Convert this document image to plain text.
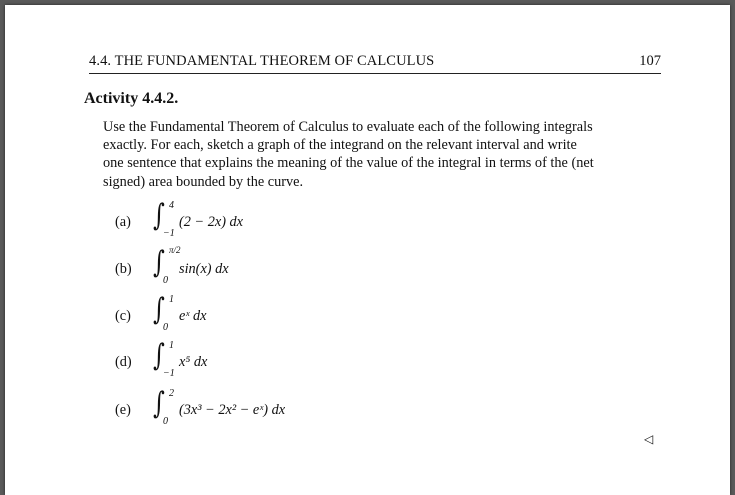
4.4. THE FUNDAMENTAL THEOREM OF CALCULUS	107
Activity 4.4.2.
Use the Fundamental Theorem of Calculus to evaluate each of the following integrals
exactly. For each, sketch a graph of the integrand on the relevant interval and write
one sentence that explains the meaning of the value of the integral in terms of the (net
signed) area bounded by the curve.
(a) ∫ 4
−1
(2 − 2x) dx
(b) ∫ π/2
0
sin(x) dx
(c) ∫ 1
0
eˣ dx
(d) ∫ 1
−1
x⁵ dx
(e) ∫ 2
0
(3x³ − 2x² − eˣ) dx
◁
